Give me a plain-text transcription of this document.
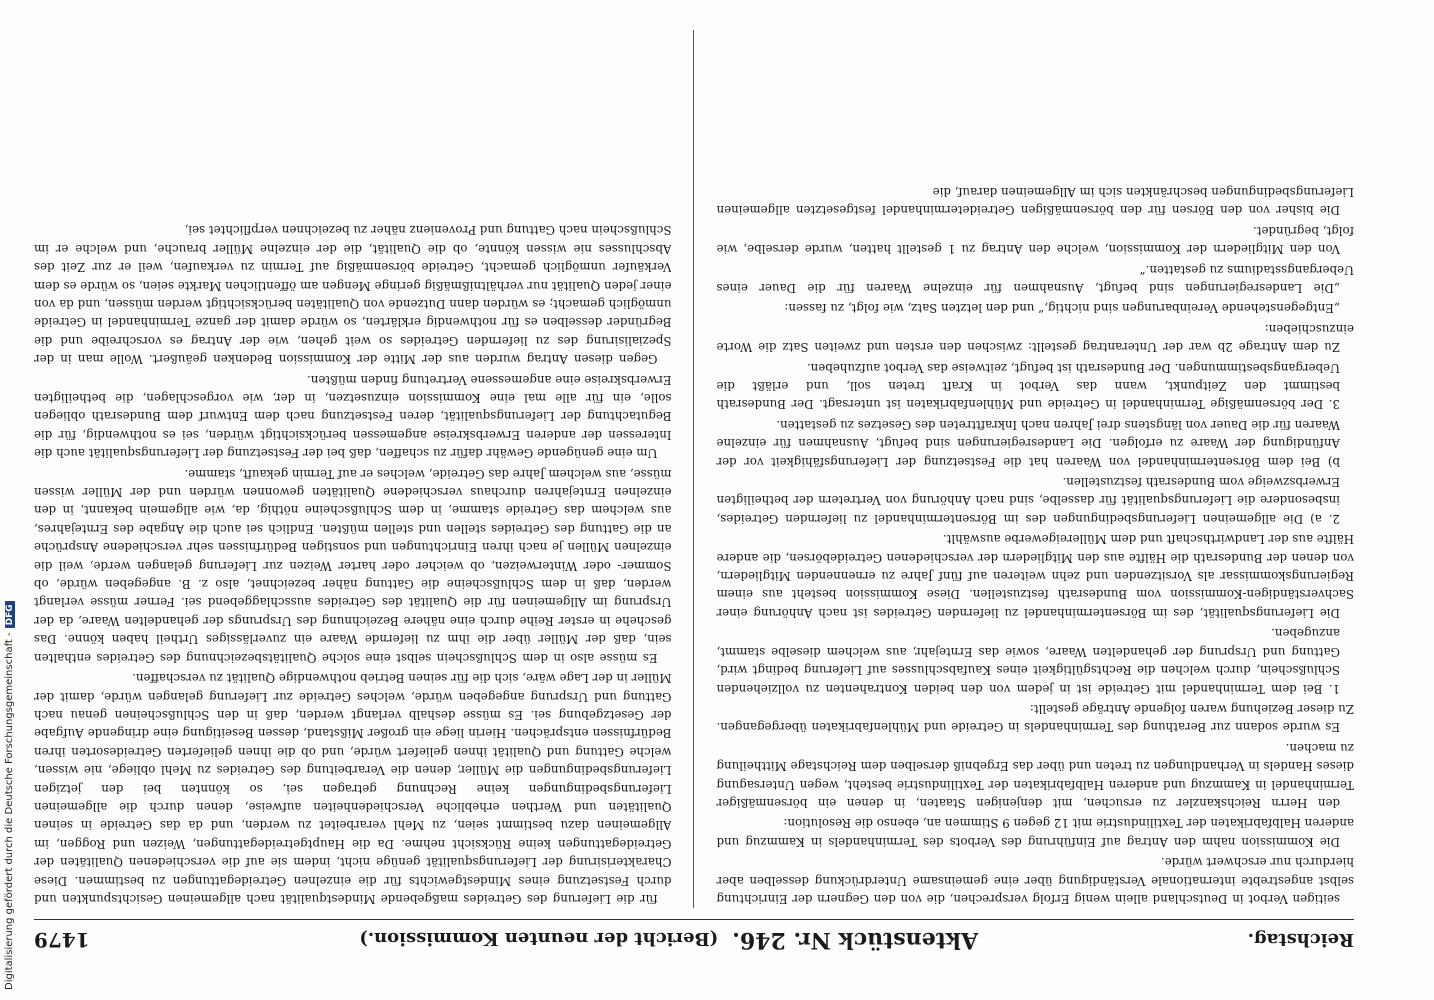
Reichstag.
Aktenstück Nr. 246.
(Bericht der neunten Kommission.)
1479

seitigen Verbot in Deutschland allein wenig Erfolg versprechen, die von den Gegnern der Einrichtung selbst angestrebte internationale Verständigung über eine gemeinsame Unterdrückung desselben aber hierdurch nur erschwert würde.

Die Kommission nahm den Antrag auf Einführung des Verbots des Terminhandels in Kammzug und anderen Halbfabrikaten der Textilindustrie mit 12 gegen 9 Stimmen an, ebenso die Resolution:

den Herrn Reichskanzler zu ersuchen, mit denjenigen Staaten, in denen ein börsenmäßiger Terminhandel in Kammzug und anderen Halbfabrikaten der Textilindustrie besteht, wegen Untersagung dieses Handels in Verhandlungen zu treten und über das Ergebniß derselben dem Reichstage Mittheilung zu machen.

Es wurde sodann zur Berathung des Terminhandels in Getreide und Mühlenfabrikaten übergegangen. Zu dieser Beziehung waren folgende Anträge gestellt:

1. Bei dem Terminhandel mit Getreide ist in jedem von den beiden Kontrahenten zu vollziehenden Schlußschein, durch welchen die Rechtsgültigkeit eines Kaufabschlusses auf Lieferung bedingt wird, Gattung und Ursprung der gehandelten Waare, sowie das Erntejahr, aus welchem dieselbe stammt, anzugeben.

Die Lieferungsqualität, des im Börsenterminhandel zu liefernden Getreides ist nach Anhörung einer Sachverständigen-Kommission vom Bundesrath festzustellen. Diese Kommission besteht aus einem Regierungskommissar als Vorsitzenden und zehn weiteren auf fünf Jahre zu ernennenden Mitgliedern, von denen der Bundesrath die Hälfte aus den Mitgliedern der verschiedenen Getreidebörsen, die andere Hälfte aus der Landwirthschaft und dem Müllereigewerbe auswählt.

2. a) Die allgemeinen Lieferungsbedingungen des im Börsenterminhandel zu liefernden Getreides, insbesondere die Lieferungsqualität für dasselbe, sind nach Anhörung von Vertretern der betheiligten Erwerbszweige vom Bundesrath festzustellen.

b) Bei dem Börsenterminhandel von Waaren hat die Festsetzung der Lieferungsfähigkeit vor der Anfündigung der Waare zu erfolgen. Die Landesregierungen sind befugt, Ausnahmen für einzelne Waaren für die Dauer von längstens drei Jahren nach Inkrafttreten des Gesetzes zu gestatten.

3. Der börsenmäßige Terminhandel in Getreide und Mühlenfabrikaten ist untersagt. Der Bundesrath bestimmt den Zeitpunkt, wann das Verbot in Kraft treten soll, und erläßt die Uebergangsbestimmungen. Der Bundesrath ist befugt, zeitweise das Verbot aufzuheben.

Zu dem Antrage 2b war der Unterantrag gestellt: zwischen den ersten und zweiten Satz die Worte einzuschieben:

„Entgegenstehende Vereinbarungen sind nichtig,“ und den letzten Satz, wie folgt, zu fassen:

„Die Landesregierungen sind befugt, Ausnahmen für einzelne Waaren für die Dauer eines Uebergangsstadiums zu gestatten.“

Von den Mitgliedern der Kommission, welche den Antrag zu 1 gestellt hatten, wurde derselbe, wie folgt, begründet.

Die bisher von den Börsen für den börsenmäßigen Getreideterminhandel festgesetzten allgemeinen Lieferungsbedingungen beschränkten sich im Allgemeinen darauf, die

für die Lieferung des Getreides maßgebende Mindestqualität nach allgemeinen Gesichtspunkten und durch Festsetzung eines Mindestgewichts für die einzelnen Getreidegattungen zu bestimmen. Diese Charakterisirung der Lieferungsqualität genüge nicht, indem sie auf die verschiedenen Qualitäten der Getreidegattungen keine Rücksicht nehme. Da die Hauptgetreidegattungen, Weizen und Roggen, im Allgemeinen dazu bestimmt seien, zu Mehl verarbeitet zu werden, und da das Getreide in seinen Qualitäten und Werthen erhebliche Verschiedenheiten aufweise, denen durch die allgemeinen Lieferungsbedingungen keine Rechnung getragen sei, so könnten bei den jetzigen Lieferungsbedingungen die Müller, denen die Verarbeitung des Getreides zu Mehl obliege, nie wissen, welche Gattung und Qualität ihnen geliefert würde, und ob die ihnen gelieferten Getreidesorten ihren Bedürfnissen entsprächen. Hierin liege ein großer Mißstand, dessen Beseitigung eine dringende Aufgabe der Gesetzgebung sei. Es müsse deshalb verlangt werden, daß in den Schlußscheinen genau nach Gattung und Ursprung angegeben würde, welches Getreide zur Lieferung gelangen würde, damit der Müller in der Lage wäre, sich die für seinen Betrieb nothwendige Qualität zu verschaffen.

Es müsse also in dem Schlußschein selbst eine solche Qualitätsbezeichnung des Getreides enthalten sein, daß der Müller über die ihm zu liefernde Waare ein zuverlässiges Urtheil haben könne. Das geschehe in erster Reihe durch eine nähere Bezeichnung des Ursprungs der gehandelten Waare, da der Ursprung im Allgemeinen für die Qualität des Getreides ausschlaggebend sei. Ferner müsse verlangt werden, daß in dem Schlußscheine die Gattung näher bezeichnet, also z. B. angegeben würde, ob Sommer- oder Winterweizen, ob weicher oder harter Weizen zur Lieferung gelangen werde, weil die einzelnen Müllen je nach ihren Einrichtungen und sonstigen Bedürfnissen sehr verschiedene Ansprüche an die Gattung des Getreides stellen und stellen müßten. Endlich sei auch die Angabe des Erntejahres, aus welchem das Getreide stamme, in dem Schlußscheine nöthig, da, wie allgemein bekannt, in den einzelnen Erntejahren durchaus verschiedene Qualitäten gewonnen würden und der Müller wissen müsse, aus welchem Jahre das Getreide, welches er auf Termin gekauft, stamme.

Um eine genügende Gewähr dafür zu schaffen, daß bei der Festsetzung der Lieferungsqualität auch die Interessen der anderen Erwerbskreise angemessen berücksichtigt würden, sei es nothwendig, für die Begutachtung der Lieferungsqualität, deren Festsetzung nach dem Entwurf dem Bundesrath obliegen solle, ein für alle mal eine Kommission einzusetzen, in der, wie vorgeschlagen, die betheiligten Erwerbskreise eine angemessene Vertretung finden müßten.

Gegen diesen Antrag wurden aus der Mitte der Kommission Bedenken geäußert. Wolle man in der Spezialisirung des zu liefernden Getreides so weit gehen, wie der Antrag es vorschreibe und die Begründer desselben es für nothwendig erklärten, so würde damit der ganze Terminhandel in Getreide unmöglich gemacht; es würden dann Dutzende von Qualitäten berücksichtigt werden müssen, und da von einer jeden Qualität nur verhältnißmäßig geringe Mengen am öffentlichen Markte seien, so würde es dem Verkäufer unmöglich gemacht, Getreide börsenmäßig auf Termin zu verkaufen, weil er zur Zeit des Abschlusses nie wissen könnte, ob die Qualität, die der einzelne Müller brauche, und welche er im Schlußschein nach Gattung und Provenienz näher zu bezeichnen verpflichtet sei,

Digitalisierung gefördert durch die Deutsche Forschungsgemeinschaft -
DFG
